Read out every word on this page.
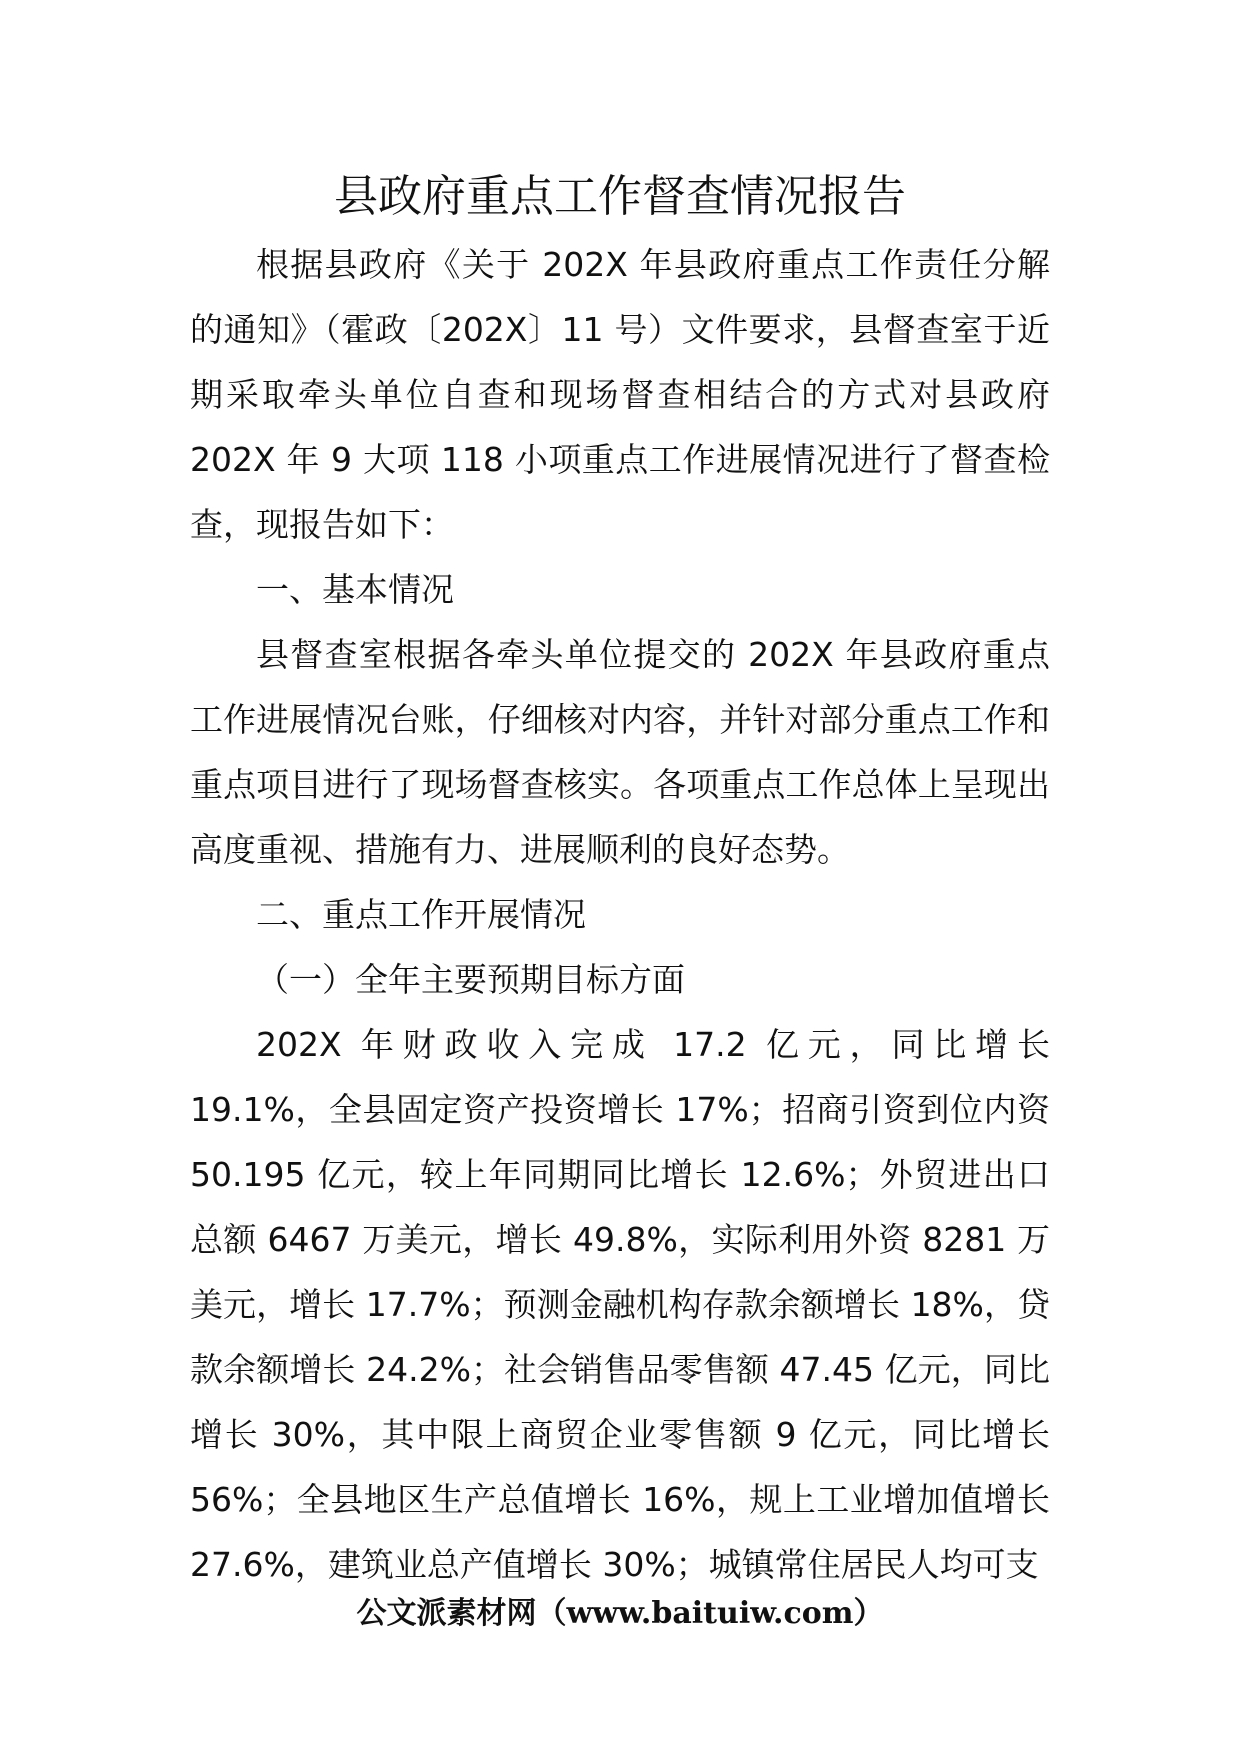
县政府重点工作督查情况报告

根据县政府《关于 202X 年县政府重点工作责任分解的通知》（霍政〔202X〕11 号）文件要求，县督查室于近期采取牵头单位自查和现场督查相结合的方式对县政府 202X 年 9 大项 118 小项重点工作进展情况进行了督查检查，现报告如下：

一、基本情况

县督查室根据各牵头单位提交的 202X 年县政府重点工作进展情况台账，仔细核对内容，并针对部分重点工作和重点项目进行了现场督查核实。各项重点工作总体上呈现出高度重视、措施有力、进展顺利的良好态势。

二、重点工作开展情况

（一）全年主要预期目标方面

202X 年财政收入完成 17.2 亿元，同比增长 19.1%，全县固定资产投资增长 17%；招商引资到位内资 50.195 亿元，较上年同期同比增长 12.6%；外贸进出口总额 6467 万美元，增长 49.8%，实际利用外资 8281 万美元，增长 17.7%；预测金融机构存款余额增长 18%，贷款余额增长 24.2%；社会销售品零售额 47.45 亿元，同比增长 30%，其中限上商贸企业零售额 9 亿元，同比增长 56%；全县地区生产总值增长 16%，规上工业增加值增长 27.6%，建筑业总产值增长 30%；城镇常住居民人均可支

公文派素材网（www.baituiw.com）
